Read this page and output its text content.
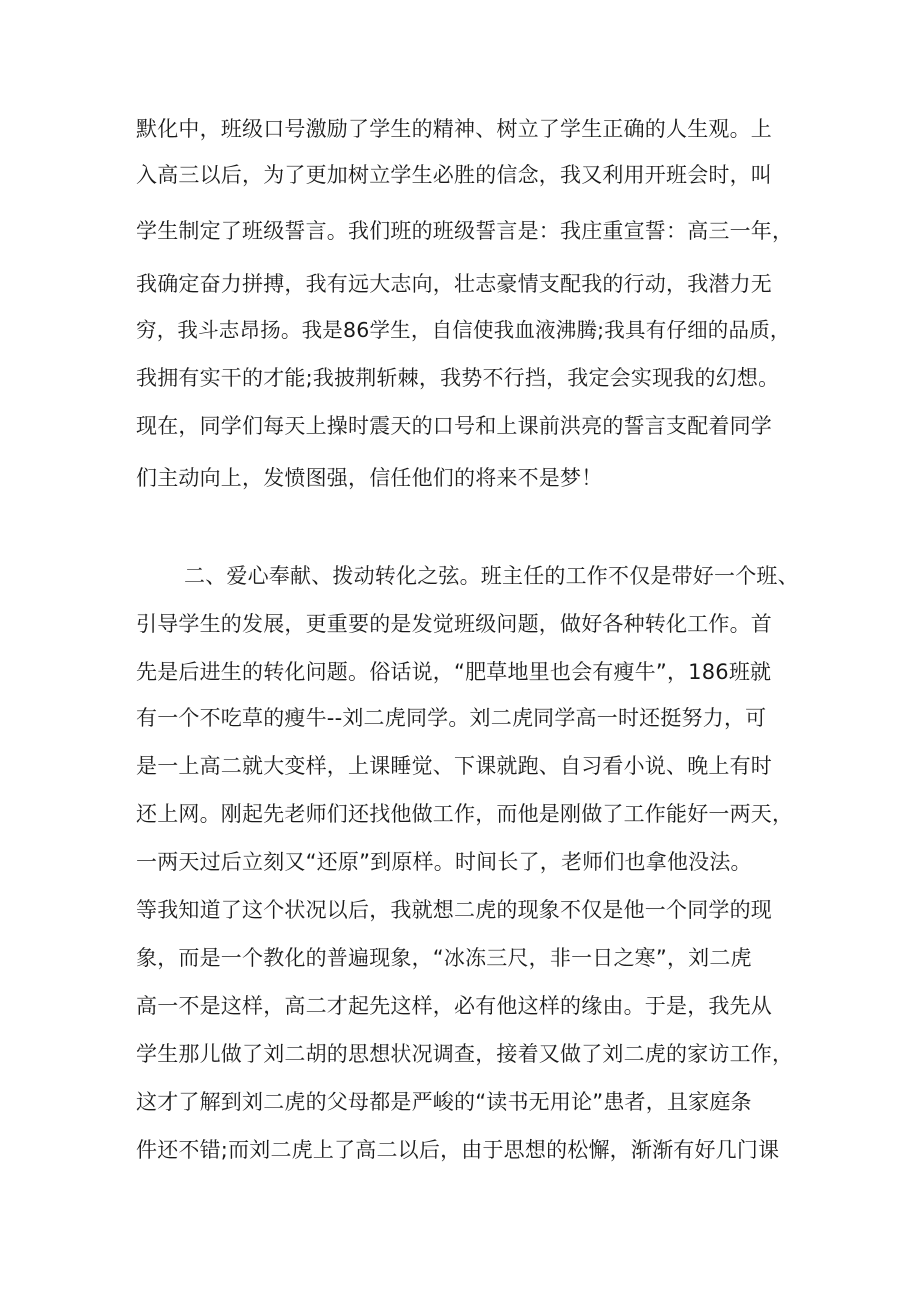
默化中，班级口号激励了学生的精神、树立了学生正确的人生观。上
入高三以后，为了更加树立学生必胜的信念，我又利用开班会时，叫
学生制定了班级誓言。我们班的班级誓言是：我庄重宣誓：高三一年，
我确定奋力拼搏，我有远大志向，壮志豪情支配我的行动，我潜力无
穷，我斗志昂扬。我是86学生，自信使我血液沸腾;我具有仔细的品质，
我拥有实干的才能;我披荆斩棘，我势不行挡，我定会实现我的幻想。
现在，同学们每天上操时震天的口号和上课前洪亮的誓言支配着同学
们主动向上，发愤图强，信任他们的将来不是梦！
二、爱心奉献、拨动转化之弦。班主任的工作不仅是带好一个班、
引导学生的发展，更重要的是发觉班级问题，做好各种转化工作。首
先是后进生的转化问题。俗话说，“肥草地里也会有瘦牛”，186班就
有一个不吃草的瘦牛--刘二虎同学。刘二虎同学高一时还挺努力，可
是一上高二就大变样，上课睡觉、下课就跑、自习看小说、晚上有时
还上网。刚起先老师们还找他做工作，而他是刚做了工作能好一两天，
一两天过后立刻又“还原”到原样。时间长了，老师们也拿他没法。
等我知道了这个状况以后，我就想二虎的现象不仅是他一个同学的现
象，而是一个教化的普遍现象，“冰冻三尺，非一日之寒”，刘二虎
高一不是这样，高二才起先这样，必有他这样的缘由。于是，我先从
学生那儿做了刘二胡的思想状况调查，接着又做了刘二虎的家访工作，
这才了解到刘二虎的父母都是严峻的“读书无用论”患者，且家庭条
件还不错;而刘二虎上了高二以后，由于思想的松懈，渐渐有好几门课
